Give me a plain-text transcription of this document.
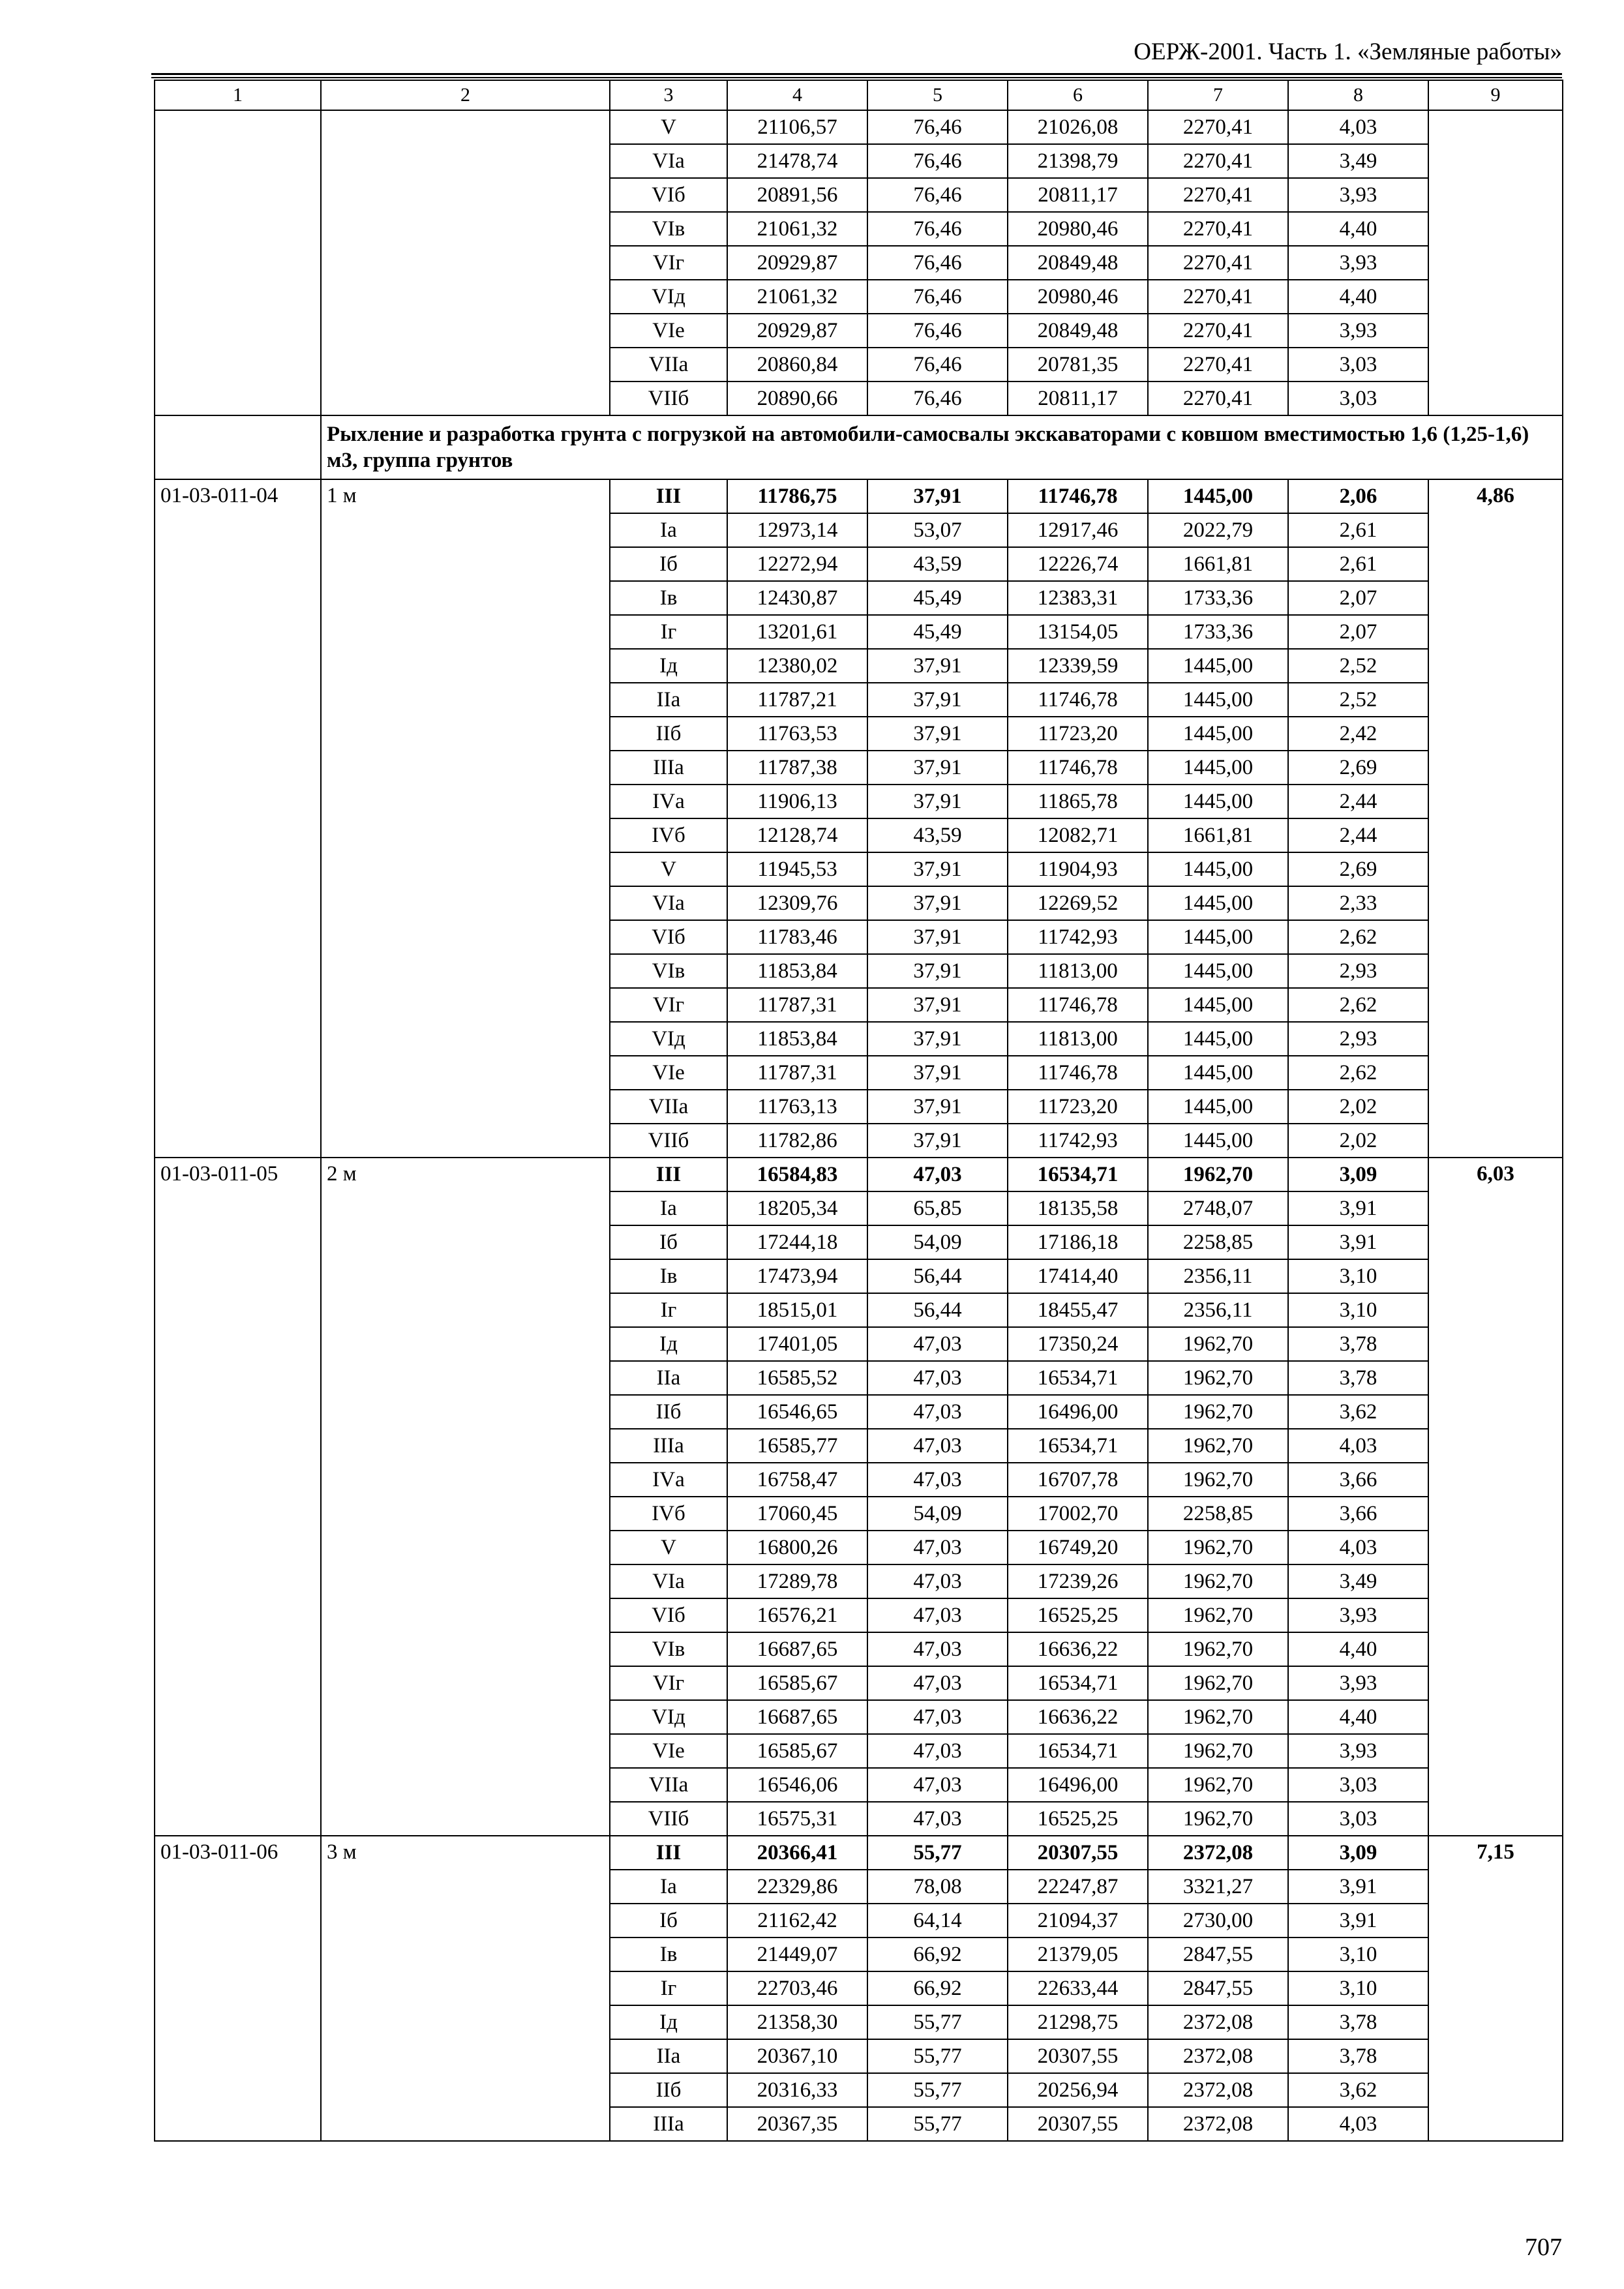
ОЕРЖ-2001. Часть 1. «Земляные работы»
1	2	3	4	5	6	7	8	9
		V	21106,57	76,46	21026,08	2270,41	4,03	
		VIа	21478,74	76,46	21398,79	2270,41	3,49	
		VIб	20891,56	76,46	20811,17	2270,41	3,93	
		VIв	21061,32	76,46	20980,46	2270,41	4,40	
		VIг	20929,87	76,46	20849,48	2270,41	3,93	
		VIд	21061,32	76,46	20980,46	2270,41	4,40	
		VIе	20929,87	76,46	20849,48	2270,41	3,93	
		VIIа	20860,84	76,46	20781,35	2270,41	3,03	
		VIIб	20890,66	76,46	20811,17	2270,41	3,03	
	Рыхление и разработка грунта с погрузкой на автомобили-самосвалы экскаваторами с ковшом вместимостью 1,6 (1,25-1,6) м3, группа грунтов							
01-03-011-04	1 м	III	11786,75	37,91	11746,78	1445,00	2,06	4,86
		Iа	12973,14	53,07	12917,46	2022,79	2,61	
		Iб	12272,94	43,59	12226,74	1661,81	2,61	
		Iв	12430,87	45,49	12383,31	1733,36	2,07	
		Iг	13201,61	45,49	13154,05	1733,36	2,07	
		Iд	12380,02	37,91	12339,59	1445,00	2,52	
		IIа	11787,21	37,91	11746,78	1445,00	2,52	
		IIб	11763,53	37,91	11723,20	1445,00	2,42	
		IIIа	11787,38	37,91	11746,78	1445,00	2,69	
		IVа	11906,13	37,91	11865,78	1445,00	2,44	
		IVб	12128,74	43,59	12082,71	1661,81	2,44	
		V	11945,53	37,91	11904,93	1445,00	2,69	
		VIа	12309,76	37,91	12269,52	1445,00	2,33	
		VIб	11783,46	37,91	11742,93	1445,00	2,62	
		VIв	11853,84	37,91	11813,00	1445,00	2,93	
		VIг	11787,31	37,91	11746,78	1445,00	2,62	
		VIд	11853,84	37,91	11813,00	1445,00	2,93	
		VIе	11787,31	37,91	11746,78	1445,00	2,62	
		VIIа	11763,13	37,91	11723,20	1445,00	2,02	
		VIIб	11782,86	37,91	11742,93	1445,00	2,02	
01-03-011-05	2 м	III	16584,83	47,03	16534,71	1962,70	3,09	6,03
		Iа	18205,34	65,85	18135,58	2748,07	3,91	
		Iб	17244,18	54,09	17186,18	2258,85	3,91	
		Iв	17473,94	56,44	17414,40	2356,11	3,10	
		Iг	18515,01	56,44	18455,47	2356,11	3,10	
		Iд	17401,05	47,03	17350,24	1962,70	3,78	
		IIа	16585,52	47,03	16534,71	1962,70	3,78	
		IIб	16546,65	47,03	16496,00	1962,70	3,62	
		IIIа	16585,77	47,03	16534,71	1962,70	4,03	
		IVа	16758,47	47,03	16707,78	1962,70	3,66	
		IVб	17060,45	54,09	17002,70	2258,85	3,66	
		V	16800,26	47,03	16749,20	1962,70	4,03	
		VIа	17289,78	47,03	17239,26	1962,70	3,49	
		VIб	16576,21	47,03	16525,25	1962,70	3,93	
		VIв	16687,65	47,03	16636,22	1962,70	4,40	
		VIг	16585,67	47,03	16534,71	1962,70	3,93	
		VIд	16687,65	47,03	16636,22	1962,70	4,40	
		VIе	16585,67	47,03	16534,71	1962,70	3,93	
		VIIа	16546,06	47,03	16496,00	1962,70	3,03	
		VIIб	16575,31	47,03	16525,25	1962,70	3,03	
01-03-011-06	3 м	III	20366,41	55,77	20307,55	2372,08	3,09	7,15
		Iа	22329,86	78,08	22247,87	3321,27	3,91	
		Iб	21162,42	64,14	21094,37	2730,00	3,91	
		Iв	21449,07	66,92	21379,05	2847,55	3,10	
		Iг	22703,46	66,92	22633,44	2847,55	3,10	
		Iд	21358,30	55,77	21298,75	2372,08	3,78	
		IIа	20367,10	55,77	20307,55	2372,08	3,78	
		IIб	20316,33	55,77	20256,94	2372,08	3,62	
		IIIа	20367,35	55,77	20307,55	2372,08	4,03	
707
